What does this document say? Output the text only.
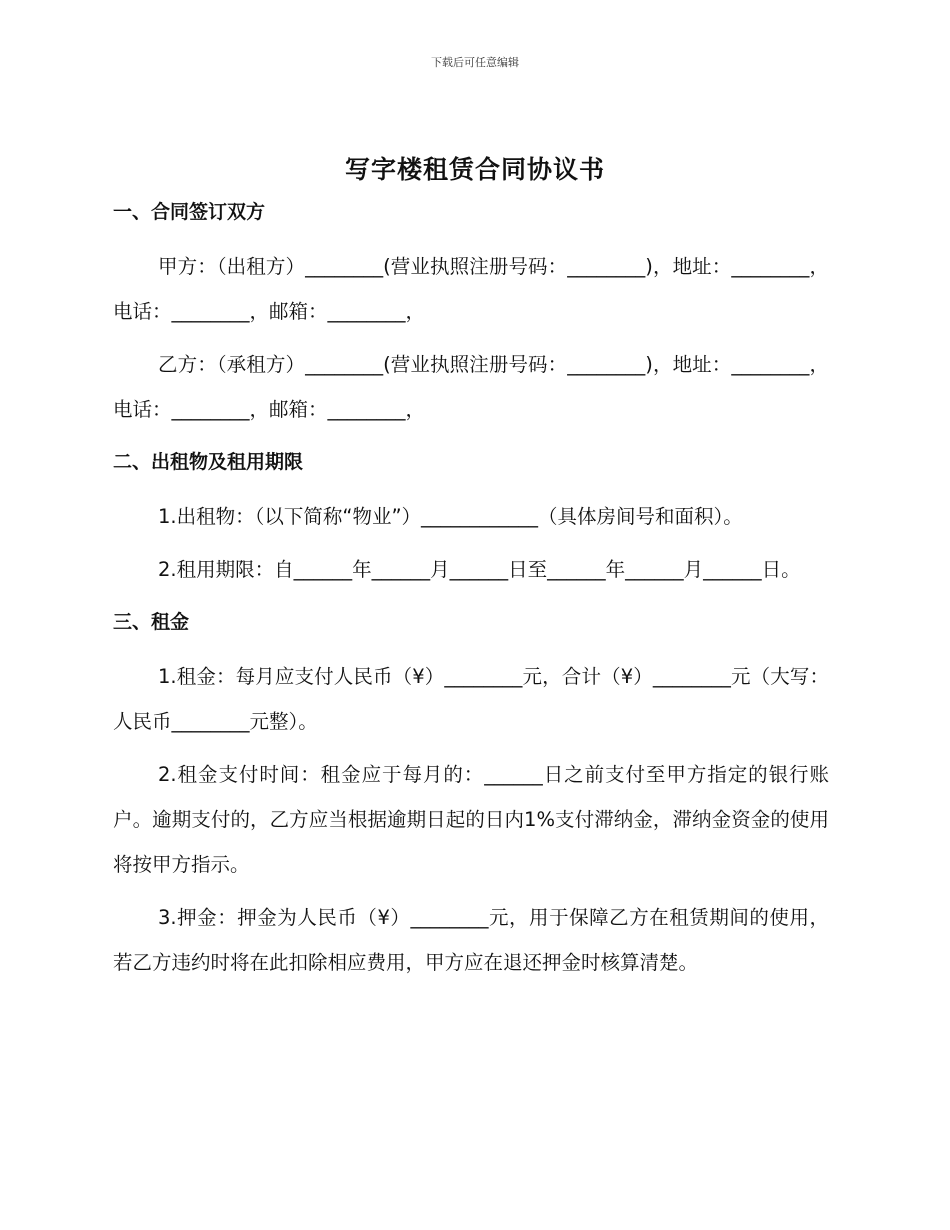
下载后可任意编辑
写字楼租赁合同协议书

一、合同签订双方

甲方：（出租方）________(营业执照注册号码：________)，地址：________，电话：________，邮箱：________，

乙方：（承租方）________(营业执照注册号码：________)，地址：________，电话：________，邮箱：________，

二、出租物及租用期限

1.出租物：（以下简称“物业”）____________（具体房间号和面积）。

2.租用期限：自______年______月______日至______年______月______日。

三、租金

1.租金：每月应支付人民币（¥）________元，合计（¥）________元（大写：人民币________元整）。

2.租金支付时间：租金应于每月的：______日之前支付至甲方指定的银行账户。逾期支付的，乙方应当根据逾期日起的日内1%支付滞纳金，滞纳金资金的使用将按甲方指示。

3.押金：押金为人民币（¥）________元，用于保障乙方在租赁期间的使用，若乙方违约时将在此扣除相应费用，甲方应在退还押金时核算清楚。
